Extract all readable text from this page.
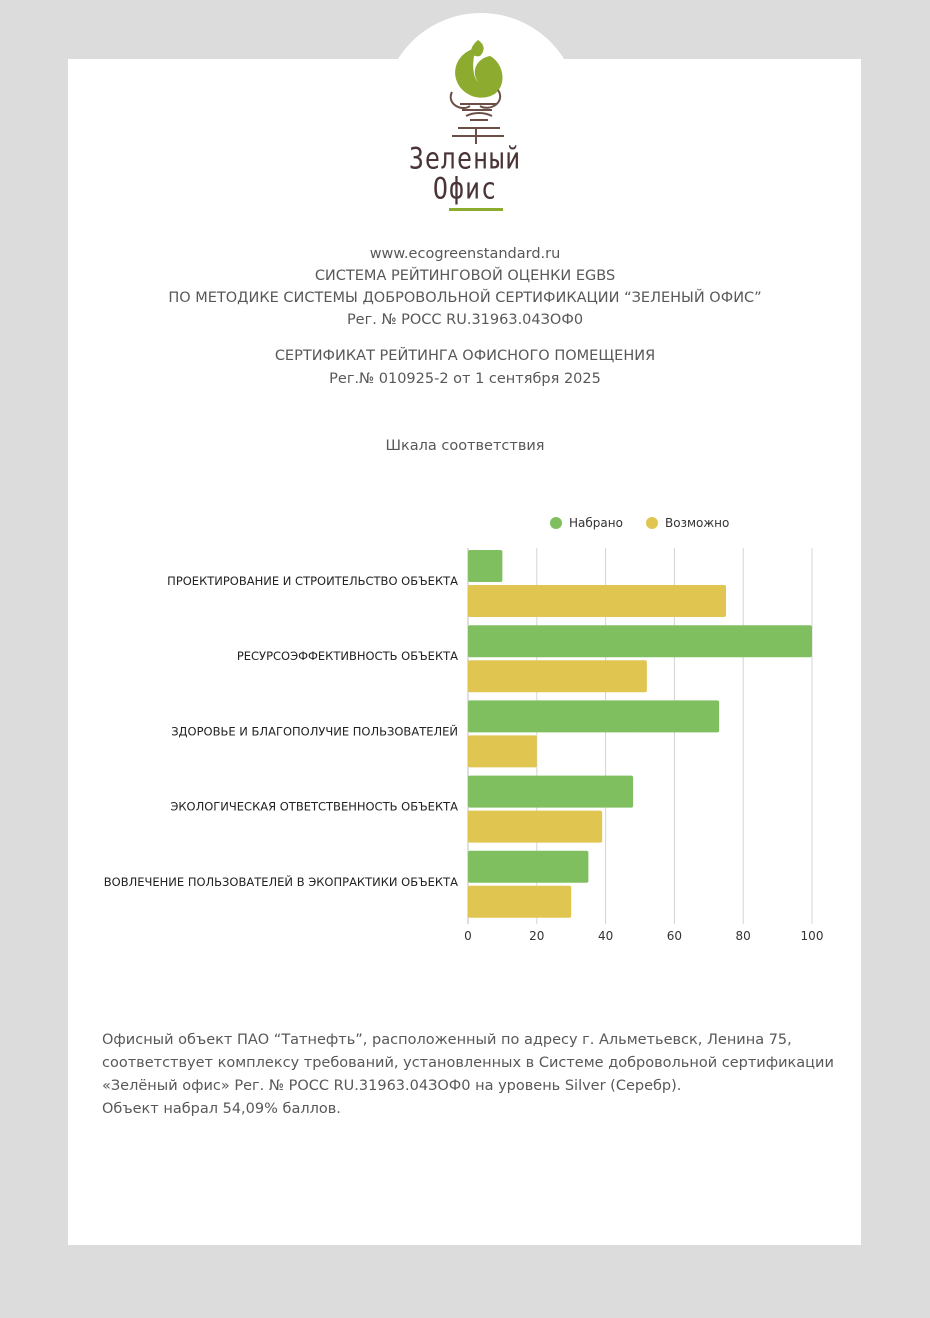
Зеленый
Офис
www.ecogreenstandard.ru
СИСТЕМА РЕЙТИНГОВОЙ ОЦЕНКИ EGBS
ПО МЕТОДИКЕ СИСТЕМЫ ДОБРОВОЛЬНОЙ СЕРТИФИКАЦИИ “ЗЕЛЕНЫЙ ОФИС”
Рег. № РОСС RU.31963.04ЗОФ0
СЕРТИФИКАТ РЕЙТИНГА ОФИСНОГО ПОМЕЩЕНИЯ
Рег.№ 010925-2 от 1 сентября 2025
Шкала соответствия
0	20	40	60	80	100
ПРОЕКТИРОВАНИЕ И СТРОИТЕЛЬСТВО ОБЪЕКТА
РЕСУРСОЭФФЕКТИВНОСТЬ ОБЪЕКТА
ЗДОРОВЬЕ И БЛАГОПОЛУЧИЕ ПОЛЬЗОВАТЕЛЕЙ
ЭКОЛОГИЧЕСКАЯ ОТВЕТСТВЕННОСТЬ ОБЪЕКТА
ВОВЛЕЧЕНИЕ ПОЛЬЗОВАТЕЛЕЙ В ЭКОПРАКТИКИ ОБЪЕКТА
Набрано	Возможно
Офисный объект ПАО “Татнефть”, расположенный по адресу г. Альметьевск, Ленина 75,
соответствует комплексу требований, установленных в Системе добровольной сертификации
«Зелёный офис» Рег. № РОСС RU.31963.04ЗОФ0 на уровень Silver (Серебр).
Объект набрал 54,09% баллов.
